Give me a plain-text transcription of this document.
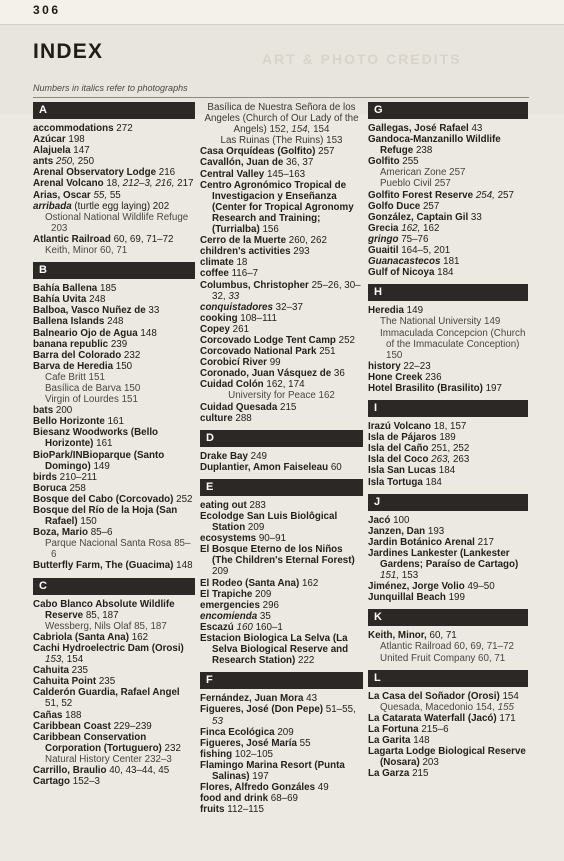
306
ART & PHOTO CREDITS
INDEX
Numbers in italics refer to photographs
A
accommodations 272
Azúcar 198
Alajuela 147
ants 250, 250
Arenal Observatory Lodge 216
Arenal Volcano 18, 212–3, 216, 217
Arias, Oscar 55, 55
arribada (turtle egg laying) 202
Ostional National Wildlife Refuge 203
Atlantic Railroad 60, 69, 71–72
Keith, Minor 60, 71
B
Bahía Ballena 185
Bahía Uvita 248
Balboa, Vasco Nuñez de 33
Ballena Islands 248
Balneario Ojo de Agua 148
banana republic 239
Barra del Colorado 232
Barva de Heredia 150
Cafe Britt 151
Basílica de Barva 150
Virgin of Lourdes 151
bats 200
Bello Horizonte 161
Biesanz Woodworks (Bello Horizonte) 161
BioPark/INBioparque (Santo Domingo) 149
birds 210–211
Boruca 258
Bosque del Cabo (Corcovado) 252
Bosque del Río de la Hoja (San Rafael) 150
Boza, Mario 85–6
Parque Nacional Santa Rosa 85–6
Butterfly Farm, The (Guacima) 148
C
Cabo Blanco Absolute Wildlife Reserve 85, 187
Wessberg, Nils Olaf 85, 187
Cabriola (Santa Ana) 162
Cachi Hydroelectric Dam (Orosi) 153, 154
Cahuita 235
Cahuita Point 235
Calderón Guardia, Rafael Angel 51, 52
Cañas 188
Caribbean Coast 229–239
Caribbean Conservation Corporation (Tortuguero) 232
Natural History Center 232–3
Carrillo, Braulio 40, 43–44, 45
Cartago 152–3
Basílica de Nuestra Señora de los Angeles (Church of Our Lady of the Angels) 152, 154, 154
Las Ruinas (The Ruins) 153
Casa Orquídeas (Golfito) 257
Cavallón, Juan de 36, 37
Central Valley 145–163
Centro Agronómico Tropical de Investigacion y Enseñanza (Center for Tropical Agronomy Research and Training; (Turrialba) 156
Cerro de la Muerte 260, 262
children's activities 293
climate 18
coffee 116–7
Columbus, Christopher 25–26, 30–32, 33
conquistadores 32–37
cooking 108–111
Copey 261
Corcovado Lodge Tent Camp 252
Corcovado National Park 251
Corobicí River 99
Coronado, Juan Vásquez de 36
Cuidad Colón 162, 174
University for Peace 162
Cuidad Quesada 215
culture 288
D
Drake Bay 249
Duplantier, Amon Faiseleau 60
E
eating out 283
Ecolodge San Luis Biolôgical Station 209
ecosystems 90–91
El Bosque Eterno de los Niños (The Children's Eternal Forest) 209
El Rodeo (Santa Ana) 162
El Trapiche 209
emergencies 296
encomienda 35
Escazú 160 160–1
Estacion Biologica La Selva (La Selva Biological Reserve and Research Station) 222
F
Fernández, Juan Mora 43
Figueres, José (Don Pepe) 51–55, 53
Finca Ecológica 209
Figueres, José María 55
fishing 102–105
Flamingo Marina Resort (Punta Salinas) 197
Flores, Alfredo Gonzáles 49
food and drink 68–69
fruits 112–115
G
Gallegas, José Rafael 43
Gandoca-Manzanillo Wildlife Refuge 238
Golfito 255
American Zone 257
Pueblo Civil 257
Golfito Forest Reserve 254, 257
Golfo Duce 257
González, Captain Gil 33
Grecia 162, 162
gringo 75–76
Guaitil 164–5, 201
Guanacastecos 181
Gulf of Nicoya 184
H
Heredia 149
The National University 149
Immaculada Concepcion (Church of the Immaculate Conception) 150
history 22–23
Hone Creek 236
Hotel Brasilito (Brasilito) 197
I
Irazú Volcano 18, 157
Isla de Pájaros 189
Isla del Caño 251, 252
Isla del Coco 263, 263
Isla San Lucas 184
Isla Tortuga 184
J
Jacó 100
Janzen, Dan 193
Jardin Botánico Arenal 217
Jardines Lankester (Lankester Gardens; Paraíso de Cartago) 151, 153
Jiménez, Jorge Volio 49–50
Junquillal Beach 199
K
Keith, Minor, 60, 71
Atlantic Railroad 60, 69, 71–72
United Fruit Company 60, 71
L
La Casa del Soñador (Orosi) 154
Quesada, Macedonio 154, 155
La Catarata Waterfall (Jacó) 171
La Fortuna 215–6
La Garita 148
Lagarta Lodge Biological Reserve (Nosara) 203
La Garza 215
